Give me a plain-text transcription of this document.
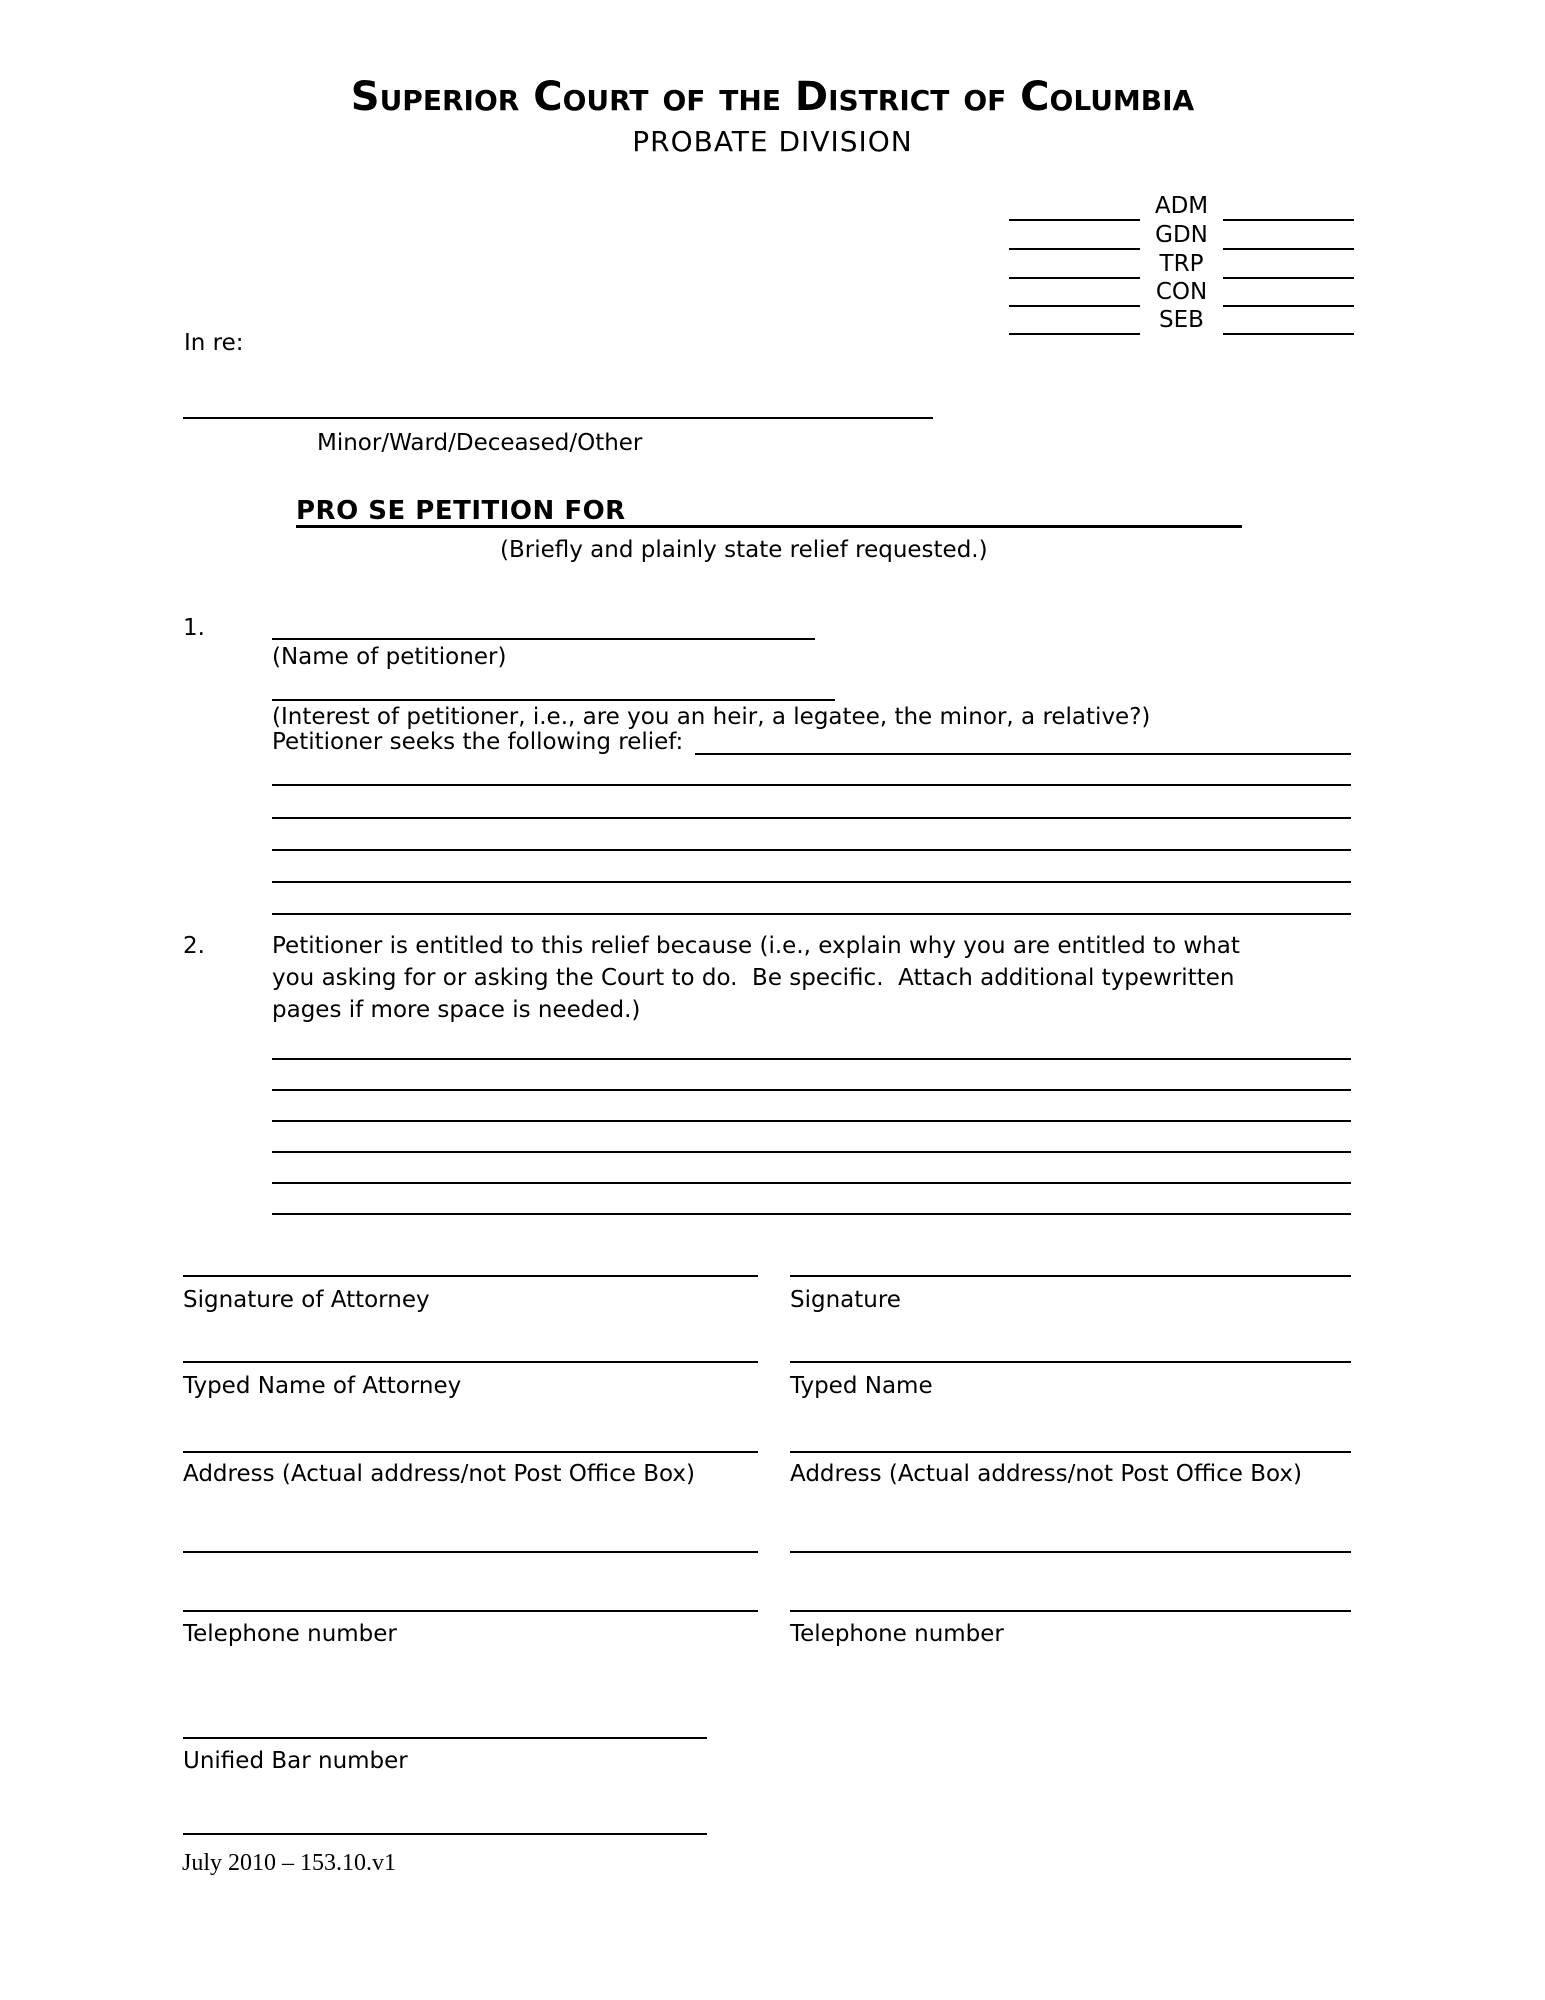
Superior Court of the District of Columbia
PROBATE DIVISION
ADM
GDN
TRP
CON
SEB
In re:
Minor/Ward/Deceased/Other
PRO SE PETITION FOR
(Briefly and plainly state relief requested.)
1.
(Name of petitioner)
(Interest of petitioner, i.e., are you an heir, a legatee, the minor, a relative?)
Petitioner seeks the following relief:
2.	Petitioner is entitled to this relief because (i.e., explain why you are entitled to what
you asking for or asking the Court to do.  Be specific.  Attach additional typewritten
pages if more space is needed.)
Signature of Attorney
Typed Name of Attorney
Address (Actual address/not Post Office Box)
Telephone number
Unified Bar number
Signature
Typed Name
Address (Actual address/not Post Office Box)
Telephone number
July 2010 – 153.10.v1
